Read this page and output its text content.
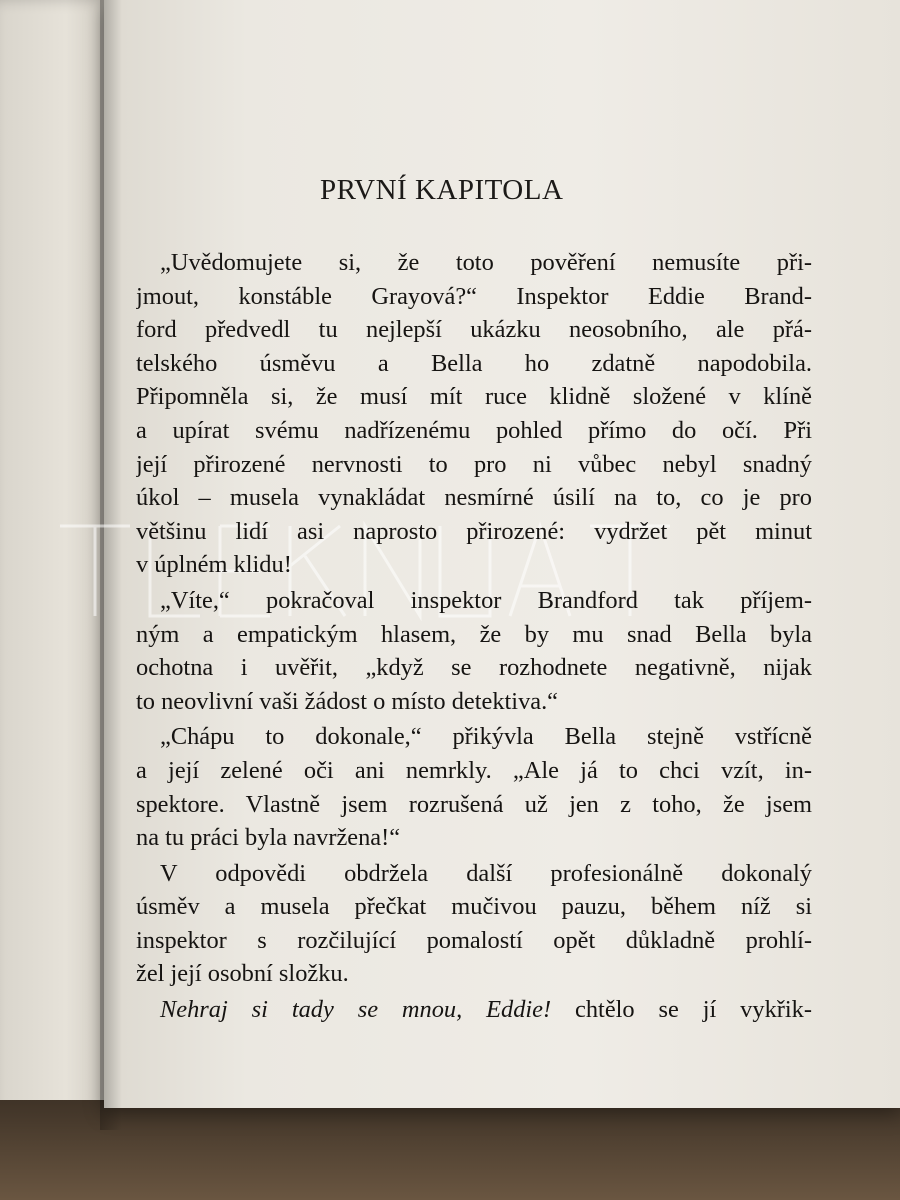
PRVNÍ KAPITOLA
„Uvědomujete si, že toto pověření nemusíte při-
jmout, konstáble Grayová?“ Inspektor Eddie Brand-
ford předvedl tu nejlepší ukázku neosobního, ale přá-
telského úsměvu a Bella ho zdatně napodobila.
Připomněla si, že musí mít ruce klidně složené v klíně
a upírat svému nadřízenému pohled přímo do očí. Při
její přirozené nervnosti to pro ni vůbec nebyl snadný
úkol – musela vynakládat nesmírné úsilí na to, co je pro
většinu lidí asi naprosto přirozené: vydržet pět minut
v úplném klidu!
„Víte,“ pokračoval inspektor Brandford tak příjem-
ným a empatickým hlasem, že by mu snad Bella byla
ochotna i uvěřit, „když se rozhodnete negativně, nijak
to neovlivní vaši žádost o místo detektiva.“
„Chápu to dokonale,“ přikývla Bella stejně vstřícně
a její zelené oči ani nemrkly. „Ale já to chci vzít, in-
spektore. Vlastně jsem rozrušená už jen z toho, že jsem
na tu práci byla navržena!“
V odpovědi obdržela další profesionálně dokonalý
úsměv a musela přečkat mučivou pauzu, během níž si
inspektor s rozčilující pomalostí opět důkladně prohlí-
žel její osobní složku.
Nehraj si tady se mnou, Eddie! chtělo se jí vykřik-
